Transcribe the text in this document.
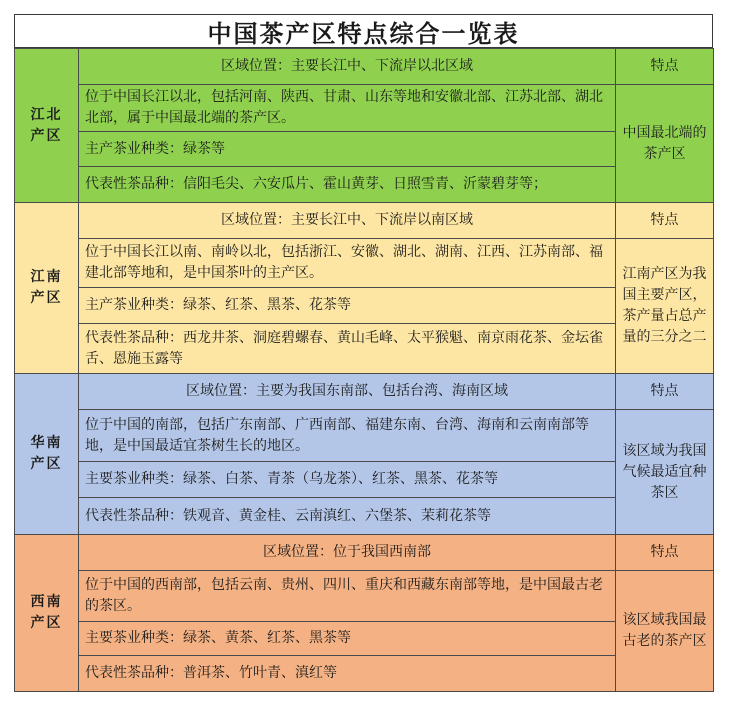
中国茶产区特点综合一览表
江北
产区	区域位置：主要长江中、下流岸以北区域	特点
	位于中国长江以北，包括河南、陕西、甘肃、山东等地和安徽北部、江苏北部、湖北北部，属于中国最北端的茶产区。	中国最北端的茶产区
	主产茶业种类：绿茶等	
	代表性茶品种：信阳毛尖、六安瓜片、霍山黄芽、日照雪青、沂蒙碧芽等；	
江南
产区	区域位置：主要长江中、下流岸以南区域	特点
	位于中国长江以南、南岭以北，包括浙江、安徽、湖北、湖南、江西、江苏南部、福建北部等地和，是中国茶叶的主产区。	江南产区为我国主要产区，茶产量占总产量的三分之二
	主产茶业种类：绿茶、红茶、黑茶、花茶等	
	代表性茶品种：西龙井茶、洞庭碧螺春、黄山毛峰、太平猴魁、南京雨花茶、金坛雀舌、恩施玉露等	
华南
产区	区域位置：主要为我国东南部、包括台湾、海南区域	特点
	位于中国的南部，包括广东南部、广西南部、福建东南、台湾、海南和云南南部等地，是中国最适宜茶树生长的地区。	该区域为我国气候最适宜种茶区
	主要茶业种类：绿茶、白茶、青茶（乌龙茶）、红茶、黑茶、花茶等	
	代表性茶品种：铁观音、黄金桂、云南滇红、六堡茶、茉莉花茶等	
西南
产区	区域位置：位于我国西南部	特点
	位于中国的西南部，包括云南、贵州、四川、重庆和西藏东南部等地，是中国最古老的茶区。	该区域我国最古老的茶产区
	主要茶业种类：绿茶、黄茶、红茶、黑茶等	
	代表性茶品种：普洱茶、竹叶青、滇红等	
